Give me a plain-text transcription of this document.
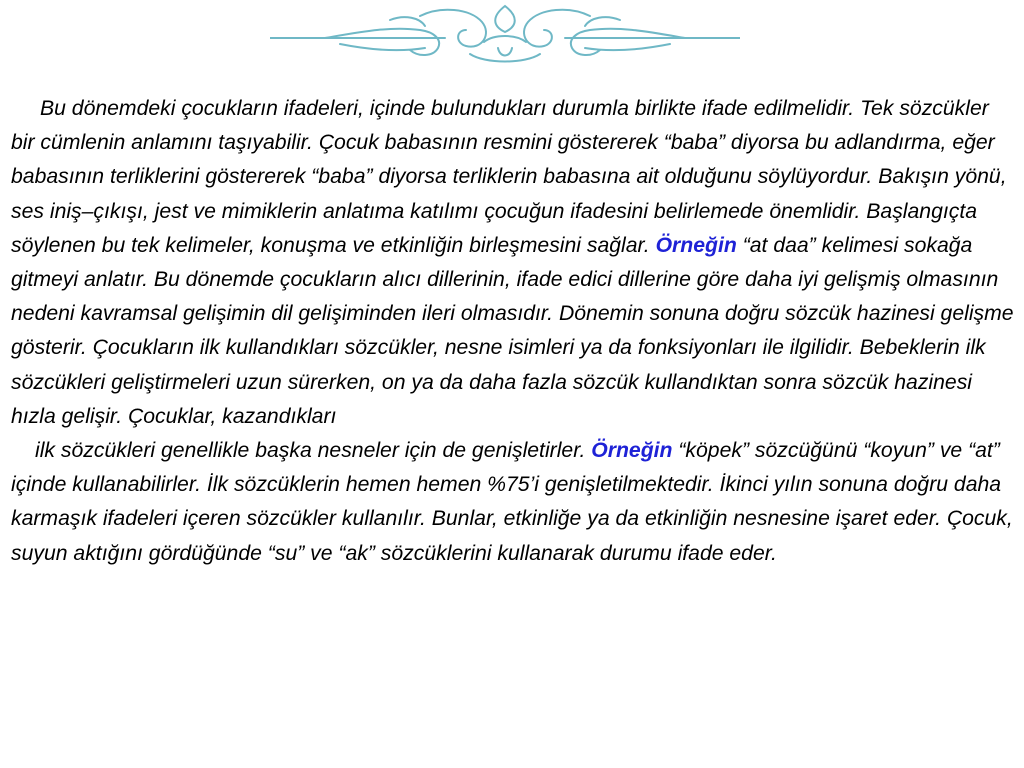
Bu dönemdeki çocukların ifadeleri, içinde bulundukları durumla birlikte ifade edilmelidir. Tek sözcükler bir cümlenin anlamını taşıyabilir. Çocuk babasının resmini göstererek “baba” diyorsa bu adlandırma, eğer babasının terliklerini göstererek “baba” diyorsa terliklerin babasına ait olduğunu söylüyordur. Bakışın yönü, ses iniş–çıkışı, jest ve mimiklerin anlatıma katılımı çocuğun ifadesini belirlemede önemlidir. Başlangıçta söylenen bu tek kelimeler, konuşma ve etkinliğin birleşmesini sağlar. Örneğin “at daa” kelimesi sokağa gitmeyi anlatır. Bu dönemde çocukların alıcı dillerinin, ifade edici dillerine göre daha iyi gelişmiş olmasının nedeni kavramsal gelişimin dil gelişiminden ileri olmasıdır. Dönemin sonuna doğru sözcük hazinesi gelişme gösterir. Çocukların ilk kullandıkları sözcükler, nesne isimleri ya da fonksiyonları ile ilgilidir. Bebeklerin ilk sözcükleri geliştirmeleri uzun sürerken, on ya da daha fazla sözcük kullandıktan sonra sözcük hazinesi hızla gelişir. Çocuklar, kazandıkları

ilk sözcükleri genellikle başka nesneler için de genişletirler. Örneğin “köpek” sözcüğünü “koyun” ve “at” içinde kullanabilirler. İlk sözcüklerin hemen hemen %75’i genişletilmektedir. İkinci yılın sonuna doğru daha karmaşık ifadeleri içeren sözcükler kullanılır. Bunlar, etkinliğe ya da etkinliğin nesnesine işaret eder. Çocuk, suyun aktığını gördüğünde “su” ve “ak” sözcüklerini kullanarak durumu ifade eder.
